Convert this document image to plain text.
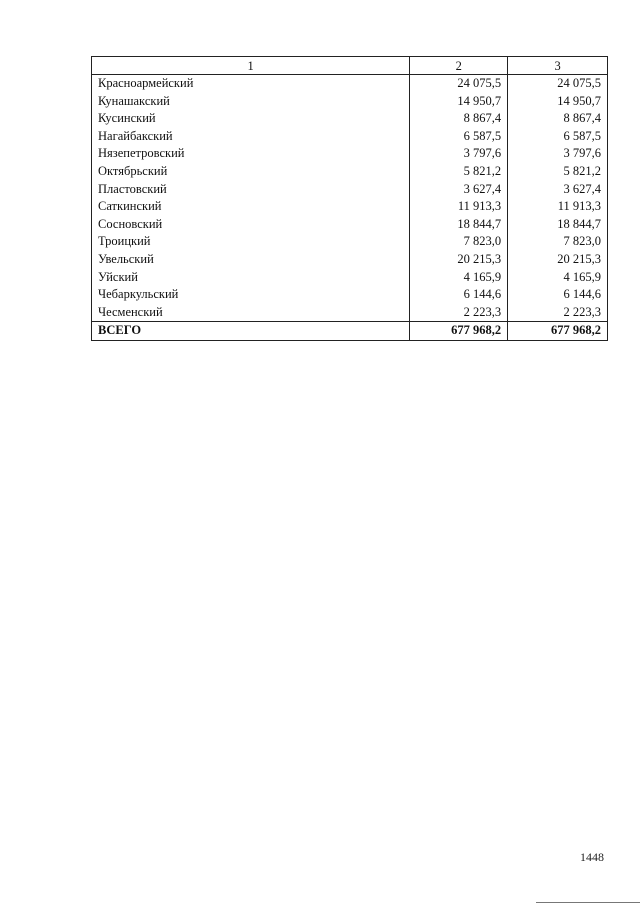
1	2	3
Красноармейский	24 075,5	24 075,5
Кунашакский	14 950,7	14 950,7
Кусинский	8 867,4	8 867,4
Нагайбакский	6 587,5	6 587,5
Нязепетровский	3 797,6	3 797,6
Октябрьский	5 821,2	5 821,2
Пластовский	3 627,4	3 627,4
Саткинский	11 913,3	11 913,3
Сосновский	18 844,7	18 844,7
Троицкий	7 823,0	7 823,0
Увельский	20 215,3	20 215,3
Уйский	4 165,9	4 165,9
Чебаркульский	6 144,6	6 144,6
Чесменский	2 223,3	2 223,3
ВСЕГО	677 968,2	677 968,2
1448
